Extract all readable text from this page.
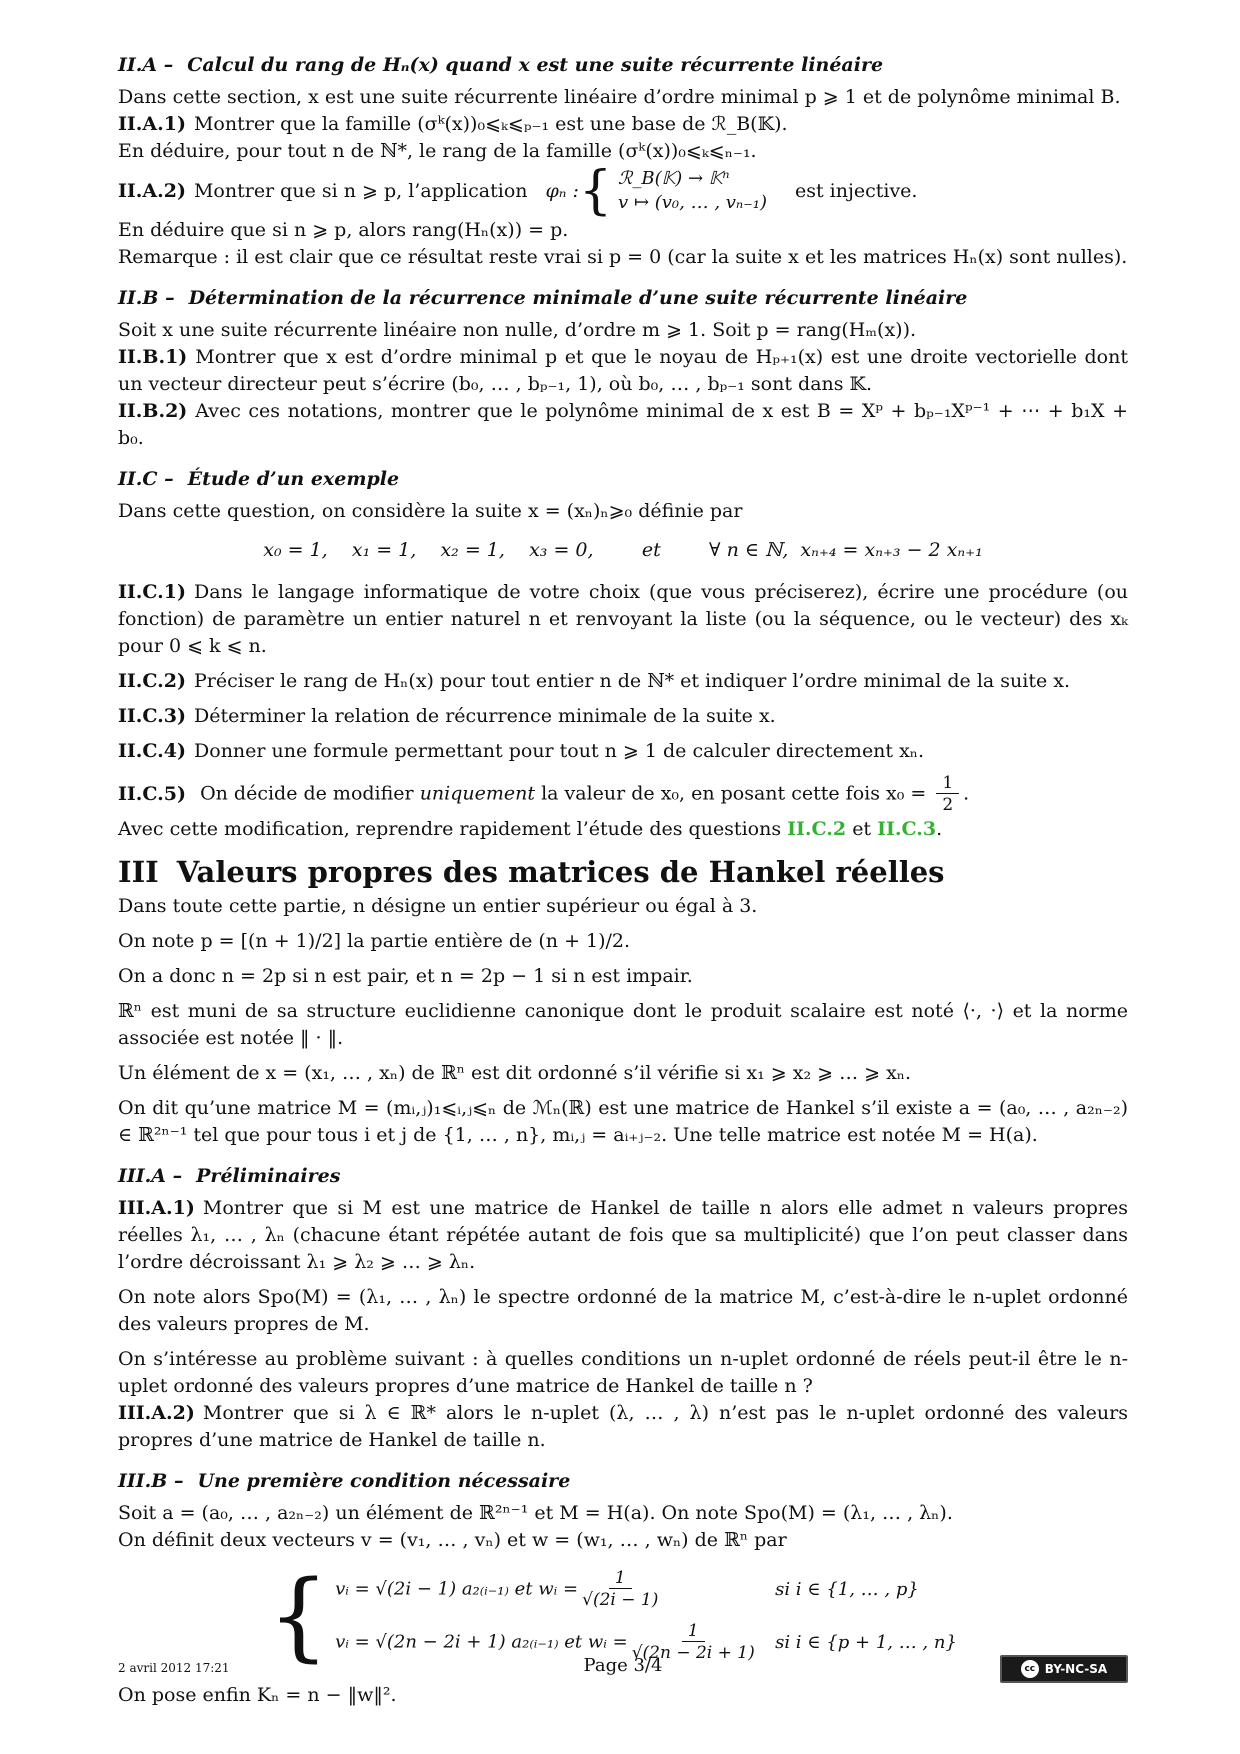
II.A – Calcul du rang de Hₙ(x) quand x est une suite récurrente linéaire

Dans cette section, x est une suite récurrente linéaire d’ordre minimal p ⩾ 1 et de polynôme minimal B.

II.A.1) Montrer que la famille (σᵏ(x))₀⩽ₖ⩽ₚ₋₁ est une base de ℛ_B(𝕂).

En déduire, pour tout n de ℕ*, le rang de la famille (σᵏ(x))₀⩽ₖ⩽ₙ₋₁.

II.A.2) Montrer que si n ⩾ p, l’application φₙ : { ℛ_B(𝕂) → 𝕂ⁿ
v ↦ (v₀, … , vₙ₋₁)
est injective.

En déduire que si n ⩾ p, alors rang(Hₙ(x)) = p.

Remarque : il est clair que ce résultat reste vrai si p = 0 (car la suite x et les matrices Hₙ(x) sont nulles).

II.B – Détermination de la récurrence minimale d’une suite récurrente linéaire

Soit x une suite récurrente linéaire non nulle, d’ordre m ⩾ 1. Soit p = rang(Hₘ(x)).

II.B.1) Montrer que x est d’ordre minimal p et que le noyau de Hₚ₊₁(x) est une droite vectorielle dont un vecteur directeur peut s’écrire (b₀, … , bₚ₋₁, 1), où b₀, … , bₚ₋₁ sont dans 𝕂.

II.B.2) Avec ces notations, montrer que le polynôme minimal de x est B = Xᵖ + bₚ₋₁Xᵖ⁻¹ + ⋯ + b₁X + b₀.

II.C – Étude d’un exemple

Dans cette question, on considère la suite x = (xₙ)ₙ⩾₀ définie par

x₀ = 1,    x₁ = 1,    x₂ = 1,    x₃ = 0,        et        ∀ n ∈ ℕ,  xₙ₊₄ = xₙ₊₃ − 2 xₙ₊₁

II.C.1) Dans le langage informatique de votre choix (que vous préciserez), écrire une procédure (ou fonction) de paramètre un entier naturel n et renvoyant la liste (ou la séquence, ou le vecteur) des xₖ pour 0 ⩽ k ⩽ n.

II.C.2) Préciser le rang de Hₙ(x) pour tout entier n de ℕ* et indiquer l’ordre minimal de la suite x.

II.C.3) Déterminer la relation de récurrence minimale de la suite x.

II.C.4) Donner une formule permettant pour tout n ⩾ 1 de calculer directement xₙ.

II.C.5) On décide de modifier uniquement la valeur de x₀, en posant cette fois $x_0 = \frac{1}{2}$ .

Avec cette modification, reprendre rapidement l’étude des questions II.C.2 et II.C.3.

III Valeurs propres des matrices de Hankel réelles

Dans toute cette partie, n désigne un entier supérieur ou égal à 3.

On note p = [(n + 1)/2] la partie entière de (n + 1)/2.

On a donc n = 2p si n est pair, et n = 2p − 1 si n est impair.

ℝⁿ est muni de sa structure euclidienne canonique dont le produit scalaire est noté ⟨·, ·⟩ et la norme associée est notée ‖ · ‖.

Un élément de x = (x₁, … , xₙ) de ℝⁿ est dit ordonné s’il vérifie si x₁ ⩾ x₂ ⩾ … ⩾ xₙ.

On dit qu’une matrice M = (mᵢ,ⱼ)₁⩽ᵢ,ⱼ⩽ₙ de ℳₙ(ℝ) est une matrice de Hankel s’il existe a = (a₀, … , a₂ₙ₋₂) ∈ ℝ²ⁿ⁻¹ tel que pour tous i et j de {1, … , n}, mᵢ,ⱼ = aᵢ₊ⱼ₋₂. Une telle matrice est notée M = H(a).

III.A – Préliminaires

III.A.1) Montrer que si M est une matrice de Hankel de taille n alors elle admet n valeurs propres réelles λ₁, … , λₙ (chacune étant répétée autant de fois que sa multiplicité) que l’on peut classer dans l’ordre décroissant λ₁ ⩾ λ₂ ⩾ … ⩾ λₙ.

On note alors Spo(M) = (λ₁, … , λₙ) le spectre ordonné de la matrice M, c’est-à-dire le n-uplet ordonné des valeurs propres de M.

On s’intéresse au problème suivant : à quelles conditions un n-uplet ordonné de réels peut-il être le n-uplet ordonné des valeurs propres d’une matrice de Hankel de taille n ?

III.A.2) Montrer que si λ ∈ ℝ* alors le n-uplet (λ, … , λ) n’est pas le n-uplet ordonné des valeurs propres d’une matrice de Hankel de taille n.

III.B – Une première condition nécessaire

Soit a = (a₀, … , a₂ₙ₋₂) un élément de ℝ²ⁿ⁻¹ et M = H(a). On note Spo(M) = (λ₁, … , λₙ).

On définit deux vecteurs v = (v₁, … , vₙ) et w = (w₁, … , wₙ) de ℝⁿ par

{ vᵢ = √(2i − 1) a₂₍ᵢ₋₁₎ et wᵢ = $\frac{1}{√(2i - 1)}$	si i ∈ {1, … , p}
vᵢ = √(2n − 2i + 1) a₂₍ᵢ₋₁₎ et wᵢ = $\frac{1}{√(2n - 2i + 1)}$ si i ∈ {p + 1, … , n}

On pose enfin Kₙ = n − ‖w‖².

2 avril 2012 17:21	Page 3/4	cc BY-NC-SA
